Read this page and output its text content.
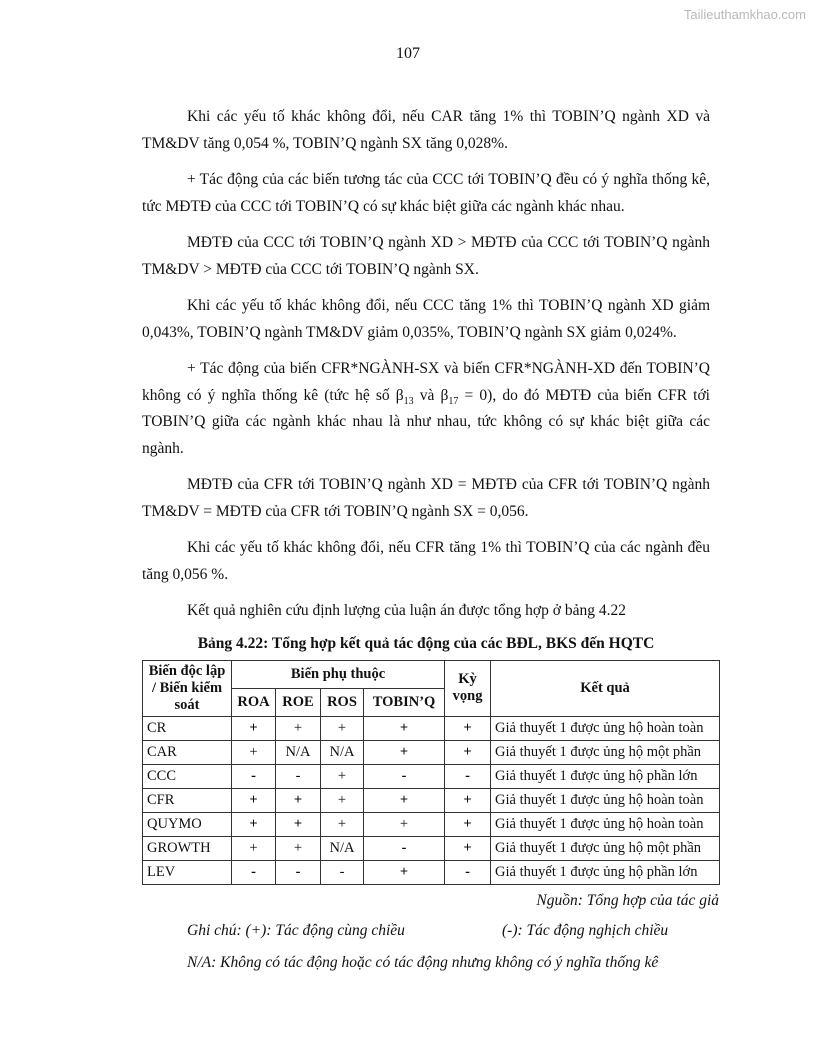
Tailieuthamkhao.com
107

Khi các yếu tố khác không đổi, nếu CAR tăng 1% thì TOBIN’Q ngành XD và TM&DV tăng 0,054 %, TOBIN’Q ngành SX tăng 0,028%.

+ Tác động của các biến tương tác của CCC tới TOBIN’Q đều có ý nghĩa thống kê, tức MĐTĐ của CCC tới TOBIN’Q có sự khác biệt giữa các ngành khác nhau.

MĐTĐ của CCC tới TOBIN’Q ngành XD > MĐTĐ của CCC tới TOBIN’Q ngành TM&DV > MĐTĐ của CCC tới TOBIN’Q ngành SX.

Khi các yếu tố khác không đổi, nếu CCC tăng 1% thì TOBIN’Q ngành XD giảm 0,043%, TOBIN’Q ngành TM&DV giảm 0,035%, TOBIN’Q ngành SX giảm 0,024%.

+ Tác động của biến CFR*NGÀNH-SX và biến CFR*NGÀNH-XD đến TOBIN’Q không có ý nghĩa thống kê (tức hệ số $\beta_{13}$ và $\beta_{17} = 0$), do đó MĐTĐ của biến CFR tới TOBIN’Q giữa các ngành khác nhau là như nhau, tức không có sự khác biệt giữa các ngành.

MĐTĐ của CFR tới TOBIN’Q ngành XD = MĐTĐ của CFR tới TOBIN’Q ngành TM&DV = MĐTĐ của CFR tới TOBIN’Q ngành SX = 0,056.

Khi các yếu tố khác không đổi, nếu CFR tăng 1% thì TOBIN’Q của các ngành đều tăng 0,056 %.

Kết quả nghiên cứu định lượng của luận án được tổng hợp ở bảng 4.22

Bảng 4.22: Tổng hợp kết quả tác động của các BĐL, BKS đến HQTC
Biến độc lập / Biến kiểm soát	Biến phụ thuộc				Kỳ vọng	Kết quả
	ROA	ROE	ROS	TOBIN’Q		
CR	+	+	+	+	+	Giả thuyết 1 được ủng hộ hoàn toàn
CAR	+	N/A	N/A	+	+	Giả thuyết 1 được ủng hộ một phần
CCC	-	-	+	-	-	Giả thuyết 1 được ủng hộ phần lớn
CFR	+	+	+	+	+	Giả thuyết 1 được ủng hộ hoàn toàn
QUYMO	+	+	+	+	+	Giả thuyết 1 được ủng hộ hoàn toàn
GROWTH	+	+	N/A	-	+	Giả thuyết 1 được ủng hộ một phần
LEV	-	-	-	+	-	Giả thuyết 1 được ủng hộ phần lớn
Nguồn: Tổng hợp của tác giả
Ghi chú: (+): Tác động cùng chiều	(-): Tác động nghịch chiều
N/A: Không có tác động hoặc có tác động nhưng không có ý nghĩa thống kê
